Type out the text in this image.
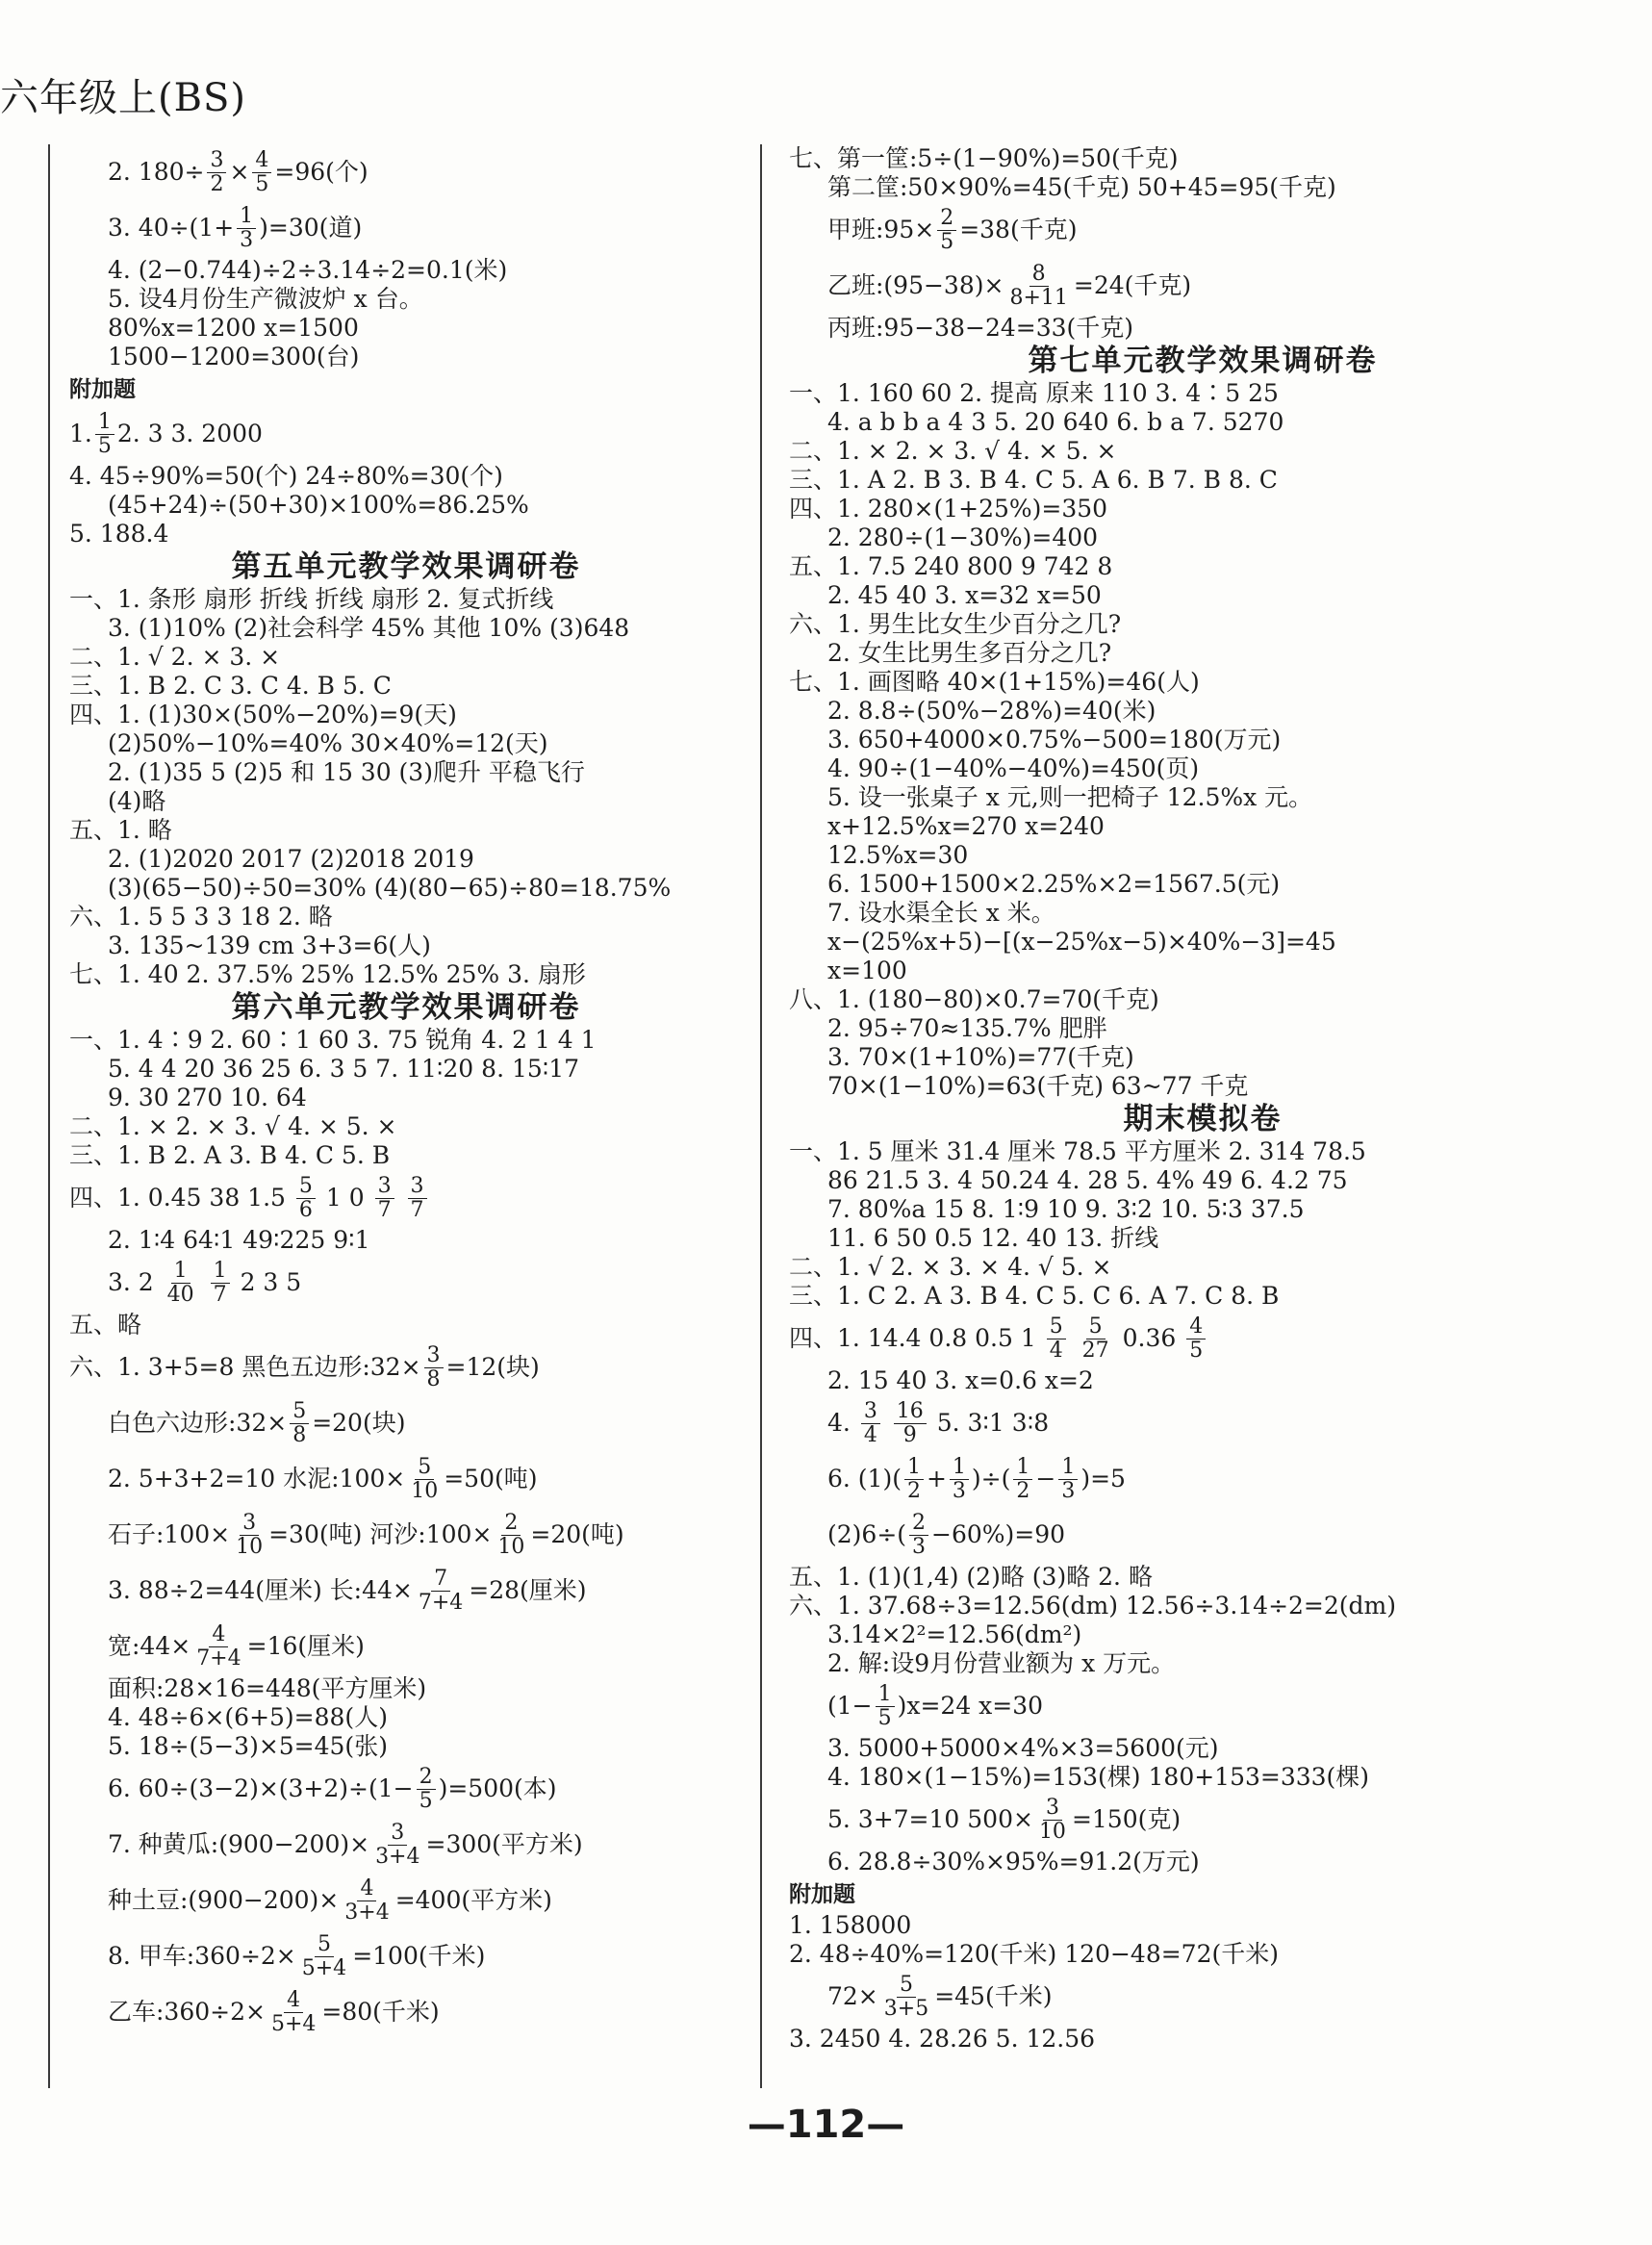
六年级上(BS)
2. $180\div \frac{3}{2} \times \frac{4}{5} =96$(个)
3. $40\div(1+ \frac{1}{3} )=30$(道)
4. (2−0.744)÷2÷3.14÷2=0.1(米)
5. 设4月份生产微波炉 x 台。
80%x=1200 x=1500
1500−1200=300(台)
附加题
1. $\frac{1}{5} 2$. 3 3. 2000
4. 45÷90%=50(个) 24÷80%=30(个)
(45+24)÷(50+30)×100%=86.25%
5. 188.4
第五单元教学效果调研卷
一、1. 条形 扇形 折线 折线 扇形 2. 复式折线
3. (1)10% (2)社会科学 45% 其他 10% (3)648
二、1. √ 2. × 3. ×
三、1. B 2. C 3. C 4. B 5. C
四、1. (1)30×(50%−20%)=9(天)
(2)50%−10%=40% 30×40%=12(天)
2. (1)35 5 (2)5 和 15 30 (3)爬升 平稳飞行
(4)略
五、1. 略
2. (1)2020 2017 (2)2018 2019
(3)(65−50)÷50=30% (4)(80−65)÷80=18.75%
六、1. 5 5 3 3 18 2. 略
3. 135~139 cm 3+3=6(人)
七、1. 40 2. 37.5% 25% 12.5% 25% 3. 扇形
第六单元教学效果调研卷
一、1. 4∶9 2. 60∶1 60 3. 75 锐角 4. 2 1 4 1
5. 4 4 20 36 25 6. 3 5 7. 11∶20 8. 15∶17
9. 30 270 10. 64
二、1. × 2. × 3. √ 4. × 5. ×
三、1. B 2. A 3. B 4. C 5. B
四、1. 0.45 38 1.5
$\frac{5}{6}$
1 0
$\frac{3}{7}$
$\frac{3}{7}$
2. 1∶4 64∶1 49∶225 9∶1
3. 2
$\frac{1}{40}$
$\frac{1}{7}$
2 3 5
五、略
六、1. 3+5=8 黑色五边形:32× $\frac{3}{8} =12$(块)
白色六边形:32× $\frac{5}{8} =20$(块)
2. 5+3+2=10 水泥:100× $\frac{5}{10} =50$(吨)
石子:100× $\frac{3}{10} =30$(吨) 河沙:100× $\frac{2}{10} =20$(吨)
3. 88÷2=44(厘米) 长:44× $\frac{7}{7+4} =28$(厘米)
宽:44× $\frac{4}{7+4} =16$(厘米)
面积:28×16=448(平方厘米)
4. 48÷6×(6+5)=88(人)
5. 18÷(5−3)×5=45(张)
6. $60\div(3-2)\times(3+2)\div(1- \frac{2}{5} )=500$(本)
7. 种黄瓜:(900−200)× $\frac{3}{3+4} =300$(平方米)
种土豆:(900−200)× $\frac{4}{3+4} =400$(平方米)
8. 甲车:360÷2× $\frac{5}{5+4} =100$(千米)
乙车:360÷2× $\frac{4}{5+4} =80$(千米)
七、第一筐:5÷(1−90%)=50(千克)
第二筐:50×90%=45(千克) 50+45=95(千克)
甲班:95× $\frac{2}{5} =38$(千克)
乙班:(95−38)× $\frac{8}{8+11} =24$(千克)
丙班:95−38−24=33(千克)
第七单元教学效果调研卷
一、1. 160 60 2. 提高 原来 110 3. 4∶5 25
4. a b b a 4 3 5. 20 640 6. b a 7. 5270
二、1. × 2. × 3. √ 4. × 5. ×
三、1. A 2. B 3. B 4. C 5. A 6. B 7. B 8. C
四、1. 280×(1+25%)=350
2. 280÷(1−30%)=400
五、1. 7.5 240 800 9 742 8
2. 45 40 3. x=32 x=50
六、1. 男生比女生少百分之几?
2. 女生比男生多百分之几?
七、1. 画图略 40×(1+15%)=46(人)
2. 8.8÷(50%−28%)=40(米)
3. 650+4000×0.75%−500=180(万元)
4. 90÷(1−40%−40%)=450(页)
5. 设一张桌子 x 元,则一把椅子 12.5%x 元。
x+12.5%x=270 x=240
12.5%x=30
6. 1500+1500×2.25%×2=1567.5(元)
7. 设水渠全长 x 米。
x−(25%x+5)−[(x−25%x−5)×40%−3]=45
x=100
八、1. (180−80)×0.7=70(千克)
2. 95÷70≈135.7% 肥胖
3. 70×(1+10%)=77(千克)
70×(1−10%)=63(千克) 63~77 千克
期末模拟卷
一、1. 5 厘米 31.4 厘米 78.5 平方厘米 2. 314 78.5
86 21.5 3. 4 50.24 4. 28 5. 4% 49 6. 4.2 75
7. 80%a 15 8. 1∶9 10 9. 3∶2 10. 5∶3 37.5
11. 6 50 0.5 12. 40 13. 折线
二、1. √ 2. × 3. × 4. √ 5. ×
三、1. C 2. A 3. B 4. C 5. C 6. A 7. C 8. B
四、1. 14.4 0.8 0.5 1
$\frac{5}{4}$
$\frac{5}{27}$
0.36
$\frac{4}{5}$
2. 15 40 3. x=0.6 x=2
4.
$\frac{3}{4}$
$\frac{16}{9}$
5. 3∶1 3∶8
6. $(1)( \frac{1}{2} + \frac{1}{3}$ )÷( $\frac{1}{2} - \frac{1}{3} )=5$
$(2)6\div( \frac{2}{3} -60\%)=90$
五、1. (1)(1,4) (2)略 (3)略 2. 略
六、1. 37.68÷3=12.56(dm) 12.56÷3.14÷2=2(dm)
3.14×2²=12.56(dm²)
2. 解:设9月份营业额为 x 万元。
$(1- \frac{1}{5} )x=24$ x=30
3. 5000+5000×4%×3=5600(元)
4. 180×(1−15%)=153(棵) 180+153=333(棵)
5. 3+7=10 $500\times \frac{3}{10} =150$(克)
6. 28.8÷30%×95%=91.2(万元)
附加题
1. 158000
2. 48÷40%=120(千米) 120−48=72(千米)
$72\times \frac{5}{3+5} =45$(千米)
3. 2450 4. 28.26 5. 12.56
—112—
